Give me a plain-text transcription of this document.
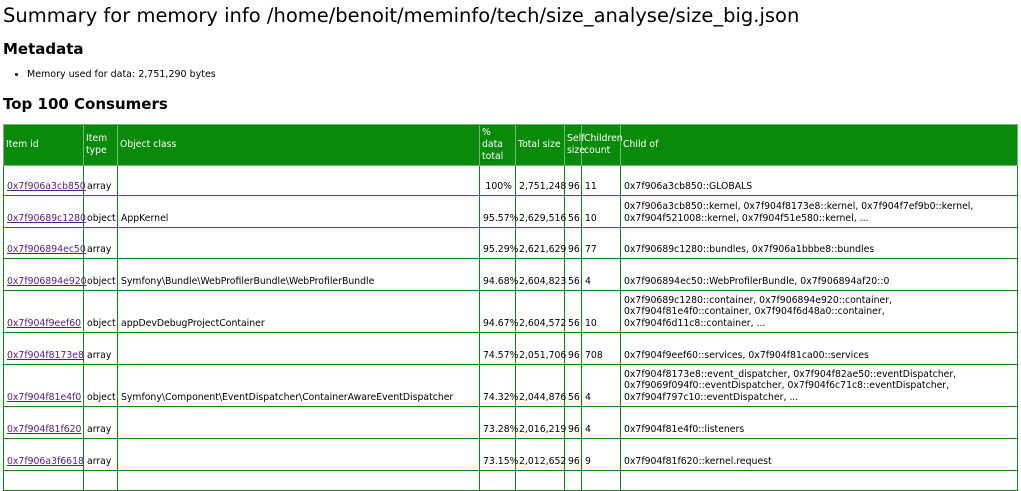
Summary for memory info /home/benoit/meminfo/tech/size_analyse/size_big.json
Metadata
• Memory used for data: 2,751,290 bytes
Top 100 Consumers
Item id	Item type	Object class	% data total	Total size	Self size	Children count	Child of
0x7f906a3cb850	array		100%	2,751,248	96	11	0x7f906a3cb850::GLOBALS
0x7f90689c1280	object	AppKernel	95.57%	2,629,516	56	10	0x7f906a3cb850::kernel, 0x7f904f8173e8::kernel, 0x7f904f7ef9b0::kernel, 0x7f904f521008::kernel, 0x7f904f51e580::kernel, ...
0x7f906894ec50	array		95.29%	2,621,629	96	77	0x7f90689c1280::bundles, 0x7f906a1bbbe8::bundles
0x7f906894e920	object	Symfony\Bundle\WebProfilerBundle\WebProfilerBundle	94.68%	2,604,823	56	4	0x7f906894ec50::WebProfilerBundle, 0x7f906894af20::0
0x7f904f9eef60	object	appDevDebugProjectContainer	94.67%	2,604,572	56	10	0x7f90689c1280::container, 0x7f906894e920::container, 0x7f904f81e4f0::container, 0x7f904f6d48a0::container, 0x7f904f6d11c8::container, ...
0x7f904f8173e8	array		74.57%	2,051,706	96	708	0x7f904f9eef60::services, 0x7f904f81ca00::services
0x7f904f81e4f0	object	Symfony\Component\EventDispatcher\ContainerAwareEventDispatcher	74.32%	2,044,876	56	4	0x7f904f8173e8::event_dispatcher, 0x7f904f82ae50::eventDispatcher, 0x7f9069f094f0::eventDispatcher, 0x7f904f6c71c8::eventDispatcher, 0x7f904f797c10::eventDispatcher, ...
0x7f904f81f620	array		73.28%	2,016,219	96	4	0x7f904f81e4f0::listeners
0x7f906a3f6618	array		73.15%	2,012,652	96	9	0x7f904f81f620::kernel.request
